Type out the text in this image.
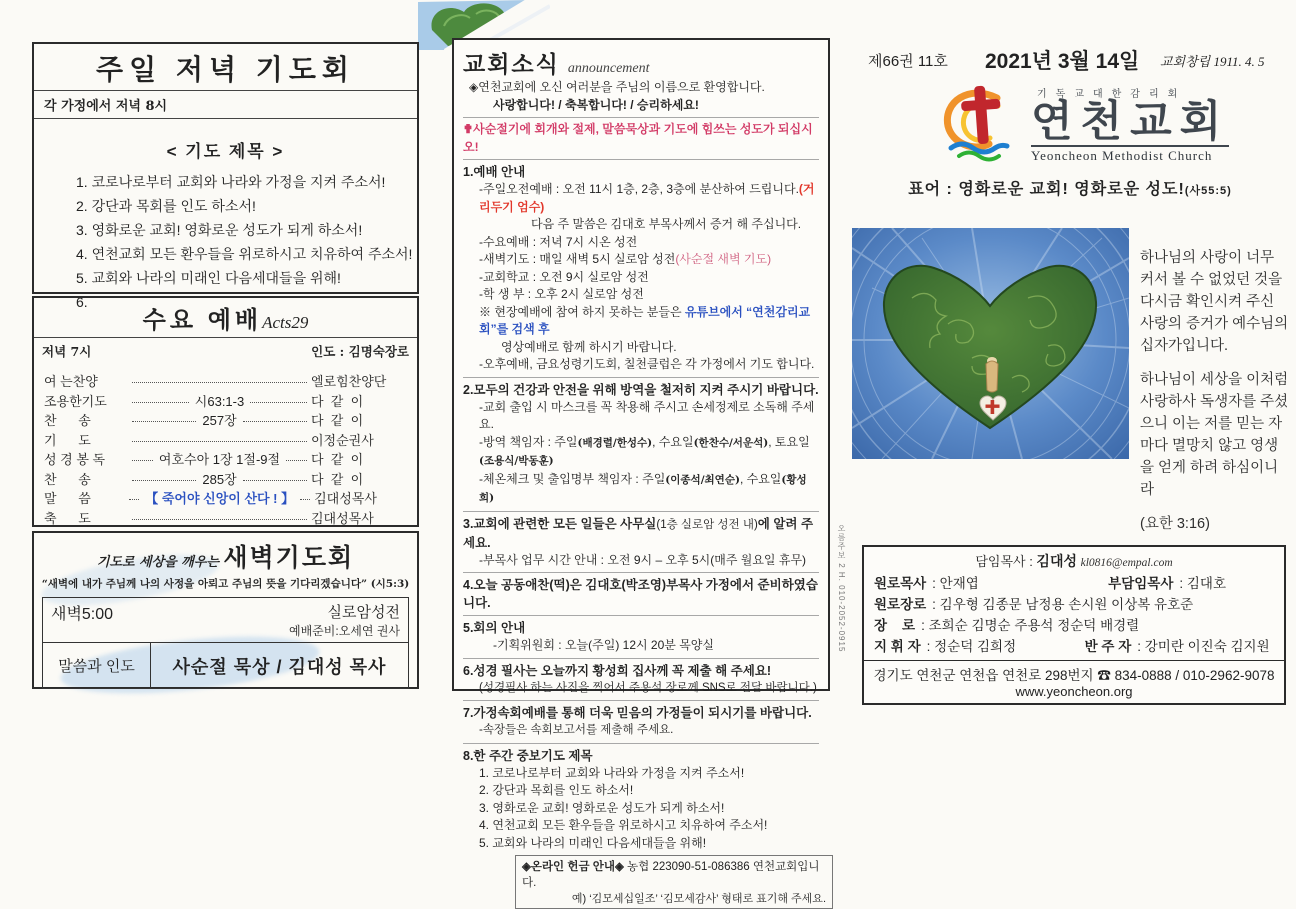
주일 저녁 기도회
각 가정에서 저녁 8시
< 기도 제목 >
1. 코로나로부터 교회와 나라와 가정을 지켜 주소서!
2. 강단과 목회를 인도 하소서!
3. 영화로운 교회! 영화로운 성도가 되게 하소서!
4. 연천교회 모든 환우들을 위로하시고 치유하여 주소서!
5. 교회와 나라의 미래인 다음세대들을 위해!
6.
수요 예배Acts29
저녁 7시	인도 : 김명숙장로
여 는찬양	엘로힘찬양단
조용한기도	시63:1-3	다  같  이
찬      송	257장	다  같  이
기      도	이정순권사
성 경 봉 독	여호수아 1장 1절-9절 다  같  이
찬      송	285장	다  같  이
말      씀	【 죽어야 신앙이 산다 ! 】 김대성목사
축      도	김대성목사
기도로 세상을 깨우는 새벽기도회
“새벽에 내가 주님께 나의 사정을 아뢰고 주님의 뜻을 기다리겠습니다” (시5:3)
새벽5:00	실로암성전
예배준비:오세연 권사
말씀과 인도	사순절 묵상 / 김대성 목사
교회소식 announcement
◈연천교회에 오신 여러분을 주님의 이름으로 환영합니다.
사랑합니다! / 축복합니다! / 승리하세요!
✟사순절기에 회개와 절제, 말씀묵상과 기도에 힘쓰는 성도가 되십시오!
1.예배 안내
-주일오전예배 : 오전 11시 1층, 2층, 3층에 분산하여 드립니다.(거리두기 엄수)
다음 주 말씀은 김대호 부목사께서 증거 해 주십니다.
-수요예배 : 저녁 7시 시온 성전
-새벽기도 : 매일 새벽 5시 실로암 성전(사순절 새벽 기도)
-교회학교 : 오전 9시 실로암 성전
-학 생 부 : 오후 2시 실로암 성전
※ 현장예배에 참여 하지 못하는 분들은 유튜브에서 “연천감리교회”를 검색 후
영상예배로 함께 하시기 바랍니다.
-오후예배, 금요성령기도회, 칠천클럽은 각 가정에서 기도 합니다.
2.모두의 건강과 안전을 위해 방역을 철저히 지켜 주시기 바랍니다.
-교회 출입 시 마스크를 꼭 착용해 주시고 손세정제로 소독해 주세요.
-방역 책임자 : 주일(배경렬/한성수), 수요일(한찬수/서운석), 토요일(조용식/박동훈)
-체온체크 및 출입명부 책임자 : 주일(이종석/최연순), 수요일(황성희)
3.교회에 관련한 모든 일들은 사무실(1층 실로암 성전 내)에 알려 주세요.
-부목사 업무 시간 안내 : 오전 9시 – 오후 5시(매주 월요일 휴무)
4.오늘 공동애찬(떡)은 김대호(박조영)부목사 가정에서 준비하였습니다.
5.회의 안내
-기획위원회 : 오늘(주일) 12시 20분 목양실
6.성경 필사는 오늘까지 황성희 집사께 꼭 제출 해 주세요!
(성경필사 하는 사진을 찍어서 주용석 장로께 SNS로 전달 바랍니다.)
7.가정속회예배를 통해 더욱 믿음의 가정들이 되시기를 바랍니다.
-속장들은 속회보고서를 제출해 주세요.
8.한 주간 중보기도 제목
1. 코로나로부터 교회와 나라와 가정을 지켜 주소서!
2. 강단과 목회를 인도 하소서!
3. 영화로운 교회! 영화로운 성도가 되게 하소서!
4. 연천교회 모든 환우들을 위로하시고 치유하여 주소서!
5. 교회와 나라의 미래인 다음세대들을 위해!
◈온라인 헌금 안내◈ 농협 223090-51-086386 연천교회입니다.
예) ‘김모세십일조’ ‘김모세감사’ 형태로 표기해 주세요.
오름주보 2 H. 010-2052-0915
제66권 11호 2021년 3월 14일 교회창립 1911. 4. 5
기독교대한감리회
연천교회
Yeoncheon Methodist Church
표어 : 영화로운 교회! 영화로운 성도!(사55:5)

하나님의 사랑이 너무 커서 볼 수 없었던 것을 다시금 확인시켜 주신 사랑의 증거가 예수님의 십자가입니다.

하나님이 세상을 이처럼 사랑하사 독생자를 주셨으니 이는 저를 믿는 자마다 멸망치 않고 영생을 얻게 하려 하심이니라

(요한 3:16)

담임목사 : 김대성 kl0816@empal.com
원로목사 : 안재엽	부담임목사 : 김대호
원로장로 : 김우형 김종문 남정용 손시원 이상복 유호준
장    로 : 조희순 김명순 주용석 정순덕 배경렬
지 휘 자 : 정순덕 김희정	반 주 자 : 강미란 이진숙 김지원
경기도 연천군 연천읍 연천로 298번지 ☎ 834-0888 / 010-2962-9078
www.yeoncheon.org
